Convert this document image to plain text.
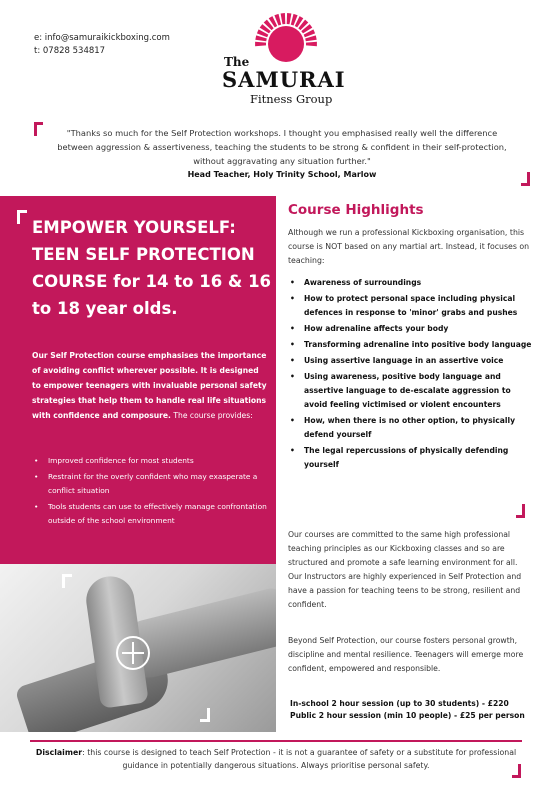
e: info@samuraikickboxing.com
t: 07828 534817
The
SAMURAI
Fitness Group

"Thanks so much for the Self Protection workshops. I thought you emphasised really well the difference between aggression & assertiveness, teaching the students to be strong & confident in their self-protection, without aggravating any situation further."

Head Teacher, Holy Trinity School, Marlow

EMPOWER YOURSELF: TEEN SELF PROTECTION COURSE for 14 to 16 & 16 to 18 year olds.

Our Self Protection course emphasises the importance of avoiding conflict wherever possible. It is designed to empower teenagers with invaluable personal safety strategies that help them to handle real life situations with confidence and composure. The course provides:

• Improved confidence for most students
• Restraint for the overly confident who may exasperate a conflict situation
• Tools students can use to effectively manage confrontation outside of the school environment
Course Highlights

Although we run a professional Kickboxing organisation, this course is NOT based on any martial art. Instead, it focuses on teaching:

• Awareness of surroundings
• How to protect personal space including physical defences in response to 'minor' grabs and pushes
• How adrenaline affects your body
• Transforming adrenaline into positive body language
• Using assertive language in an assertive voice
• Using awareness, positive body language and assertive language to de-escalate aggression to avoid feeling victimised or violent encounters
• How, when there is no other option, to physically defend yourself
• The legal repercussions of physically defending yourself

Our courses are committed to the same high professional teaching principles as our Kickboxing classes and so are structured and promote a safe learning environment for all. Our Instructors are highly experienced in Self Protection and have a passion for teaching teens to be strong, resilient and confident.

Beyond Self Protection, our course fosters personal growth, discipline and mental resilience. Teenagers will emerge more confident, empowered and responsible.

In-school 2 hour session (up to 30 students) - £220
Public 2 hour session (min 10 people) - £25 per person

Disclaimer: this course is designed to teach Self Protection - it is not a guarantee of safety or a substitute for professional guidance in potentially dangerous situations. Always prioritise personal safety.
